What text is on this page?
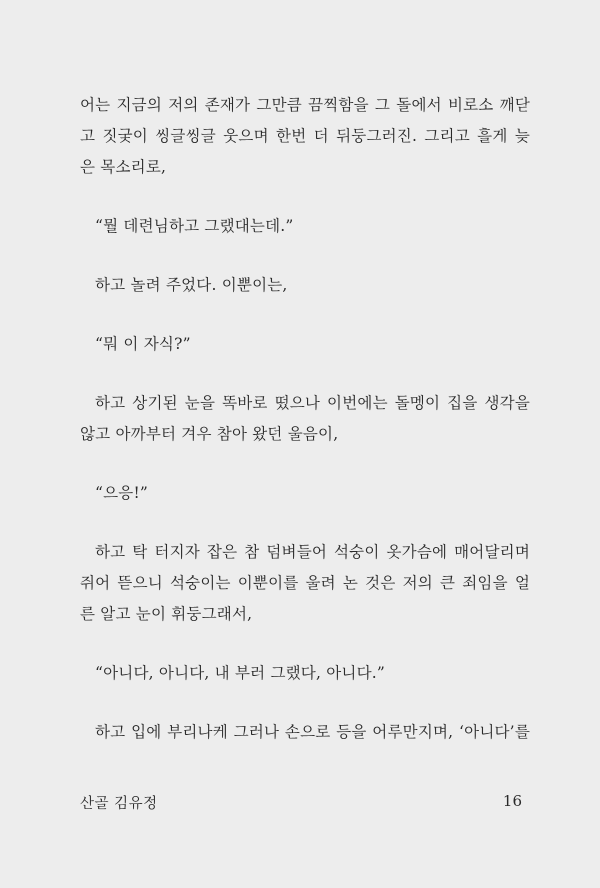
어는 지금의 저의 존재가 그만큼 끔찍함을 그 돌에서 비로소 깨닫
고 짓궂이 씽글씽글 웃으며 한번 더 뒤둥그러진. 그리고 흘게 늦
은 목소리로,
“뭘 데련님하고 그랬대는데.”
하고 놀려 주었다. 이뿐이는,
“뭐 이 자식?”
하고 상기된 눈을 똑바로 떴으나 이번에는 돌멩이 집을 생각을
않고 아까부터 겨우 참아 왔던 울음이,
“으응!”
하고 탁 터지자 잡은 참 덤벼들어 석숭이 옷가슴에 매어달리며
쥐어 뜯으니 석숭이는 이뿐이를 울려 논 것은 저의 큰 죄임을 얼
른 알고 눈이 휘둥그래서,
“아니다, 아니다, 내 부러 그랬다, 아니다.”
하고 입에 부리나케 그러나 손으로 등을 어루만지며, ‘아니다’를
산골 김유정	16
